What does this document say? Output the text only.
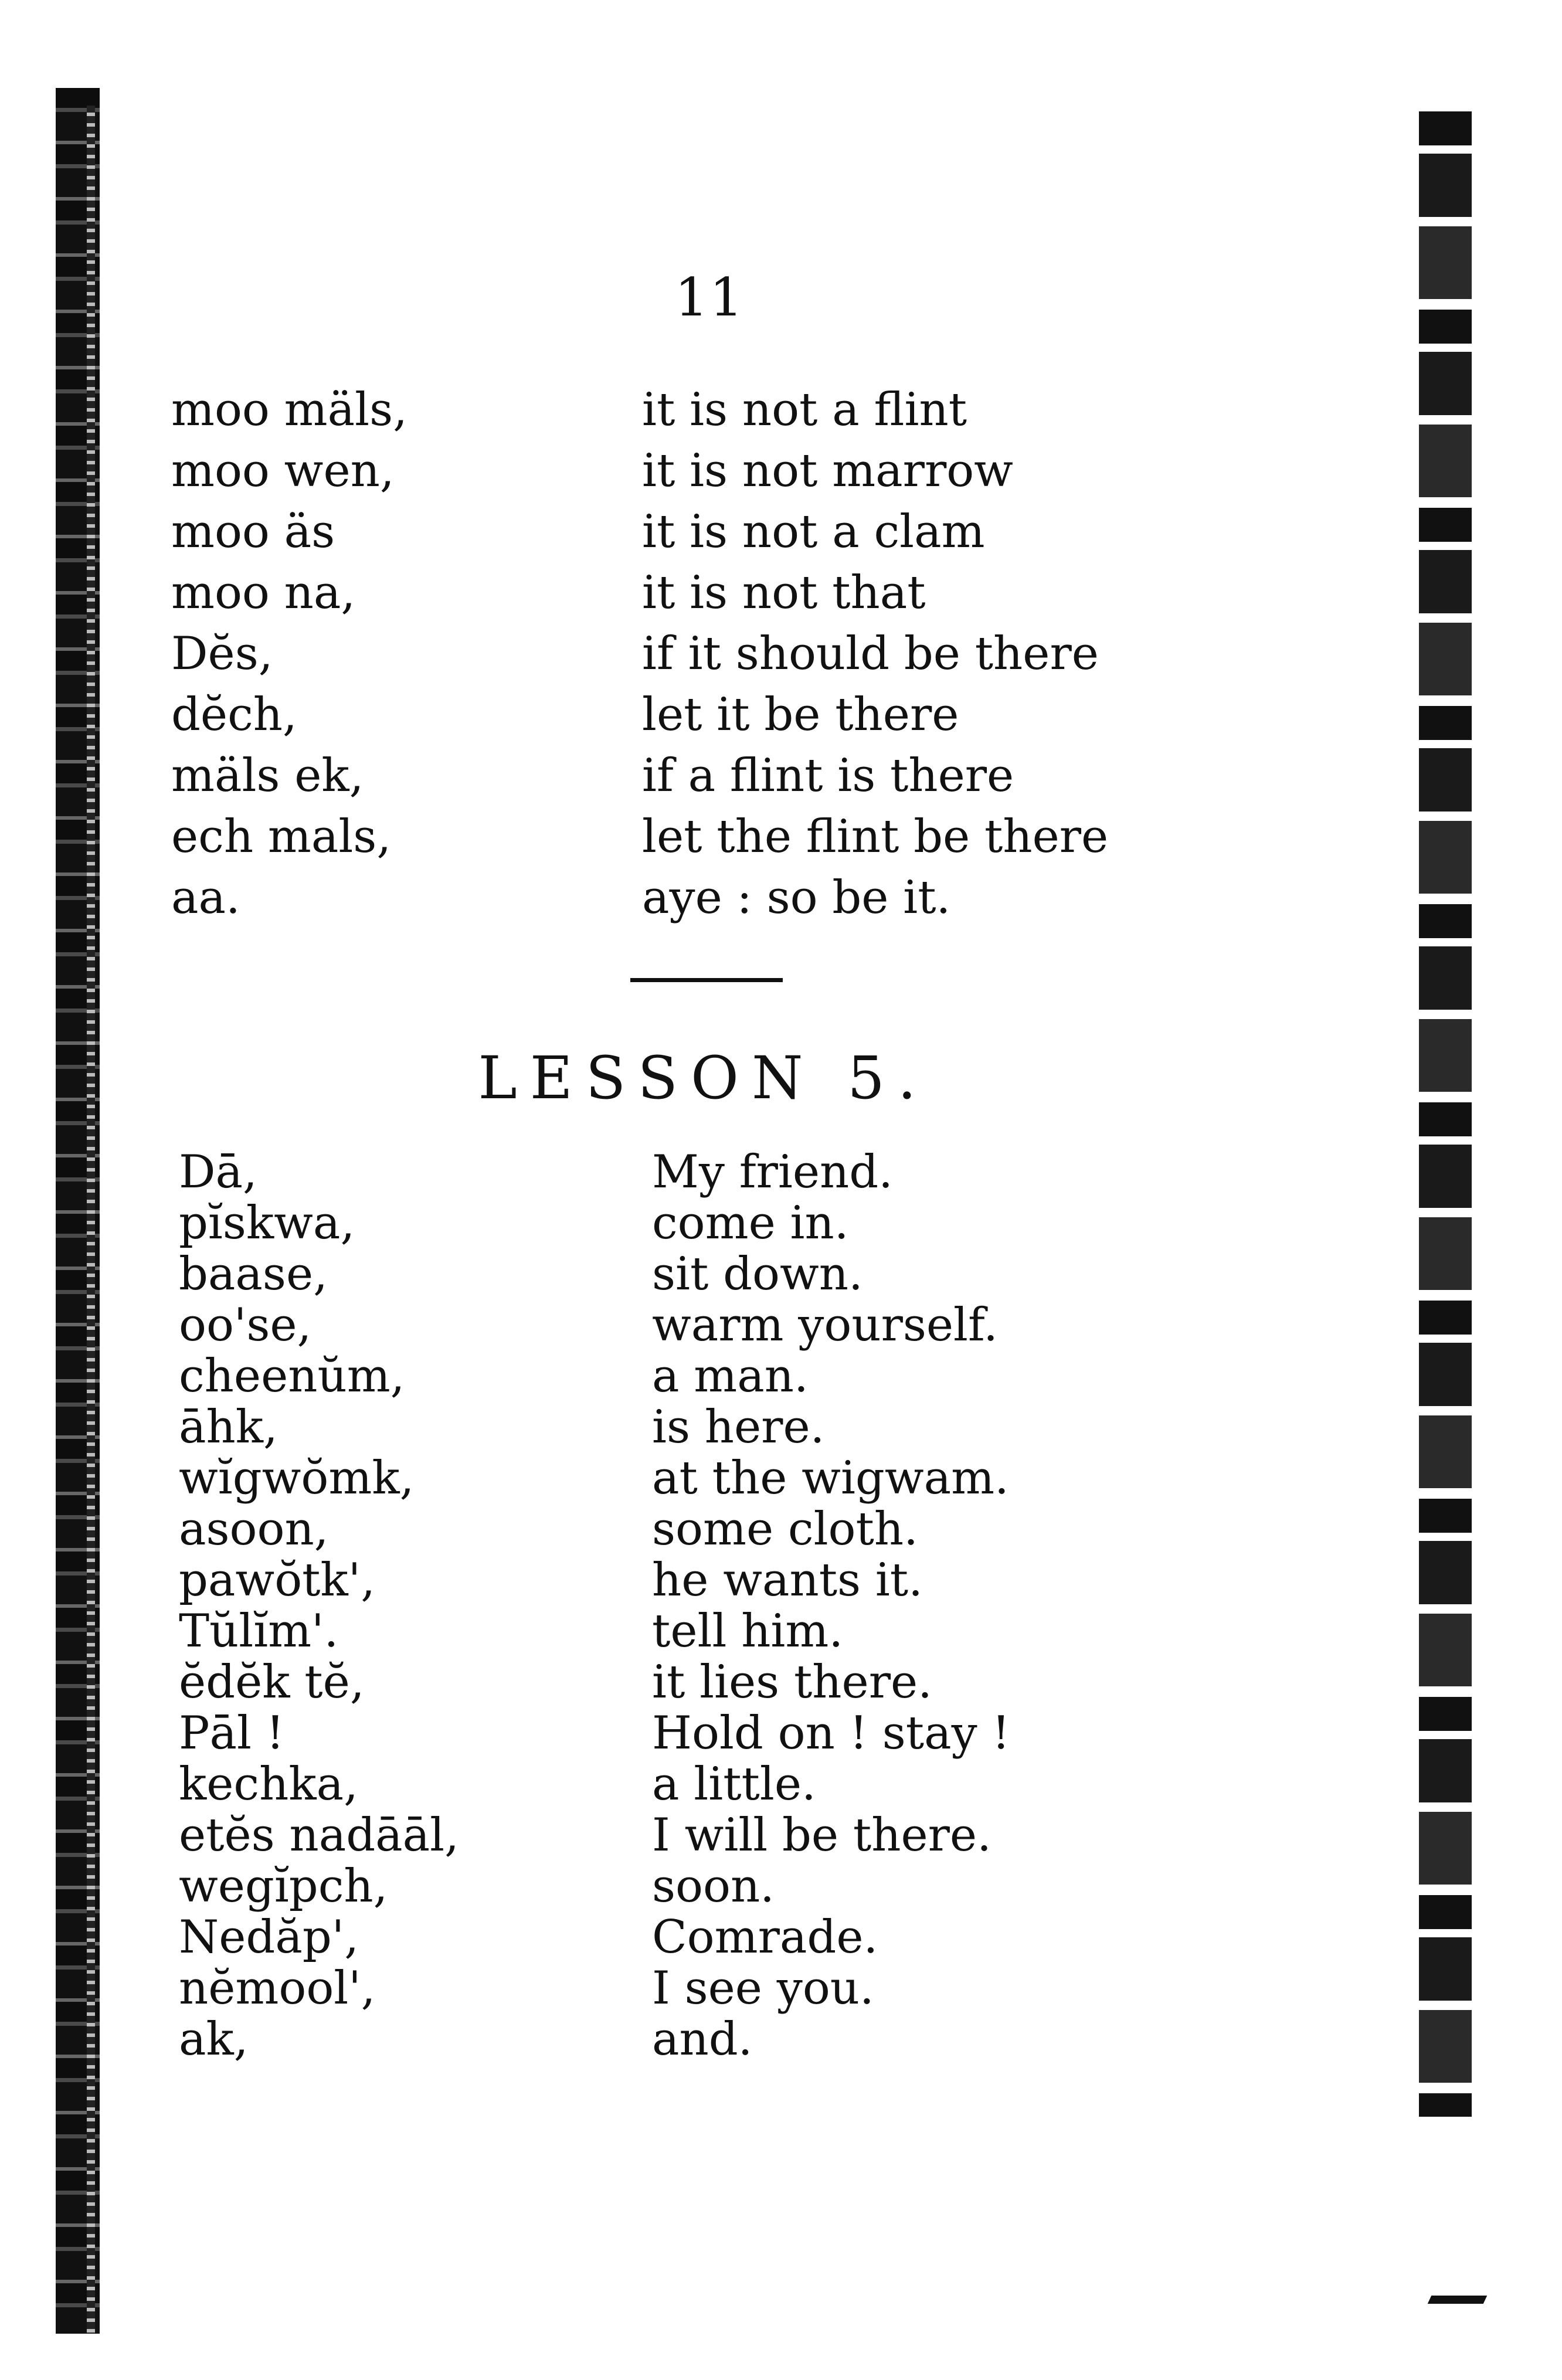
11
moo mäls,	it is not a flint
moo wen,	it is not marrow
moo äs	it is not a clam
moo na,	it is not that
Dĕs,	if it should be there
dĕch,	let it be there
mäls ek,	if a flint is there
ech mals,	let the flint be there
aa.	aye : so be it.
LESSON 5.
Dā,	My friend.
pĭskwa,	come in.
baase,	sit down.
oo'se,	warm yourself.
cheenŭm,	a man.
āhk,	is here.
wĭgwŏmk,	at the wigwam.
asoon,	some cloth.
pawŏtk',	he wants it.
Tŭlĭm'.	tell him.
ĕdĕk tĕ,	it lies there.
Pāl !	Hold on ! stay !
kechka,	a little.
etĕs nadāāl,	I will be there.
wegĭpch,	soon.
Nedăp',	Comrade.
nĕmool',	I see you.
ak,	and.
